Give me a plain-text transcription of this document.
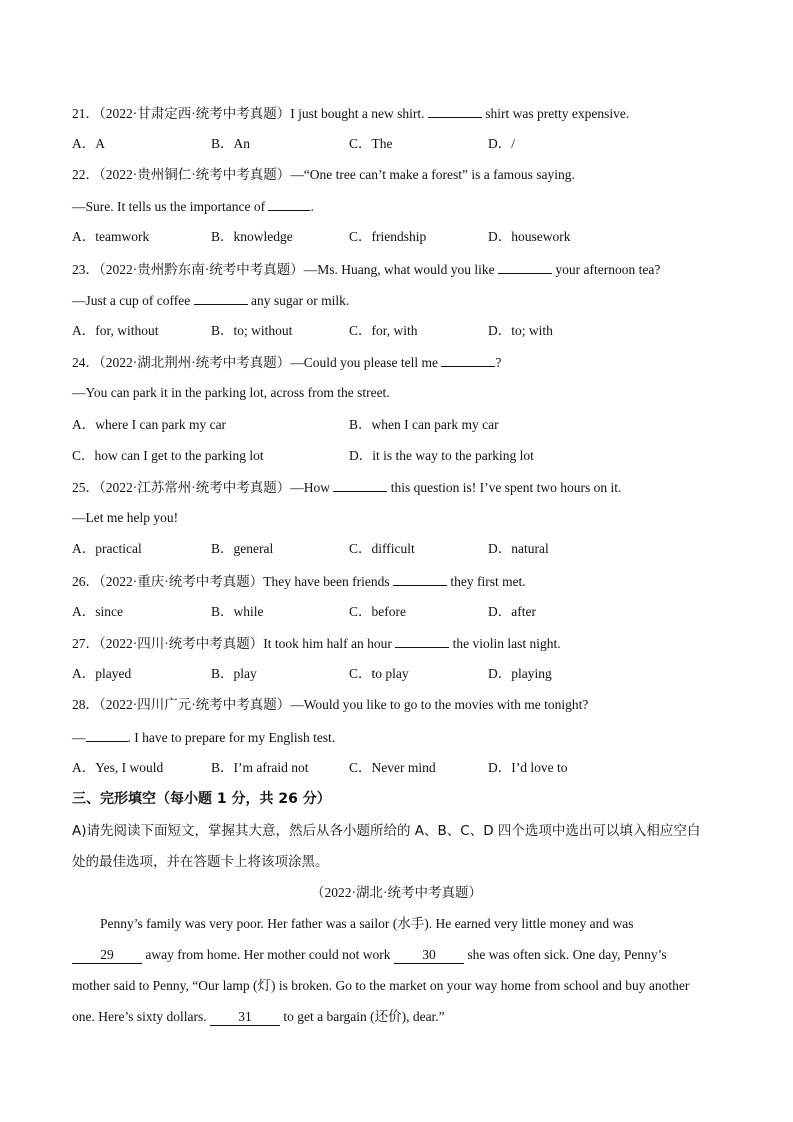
21．（2022·甘肃定西·统考中考真题）I just bought a new shirt.	shirt was pretty expensive.
A．A	B．An	C．The	D．/
22．（2022·贵州铜仁·统考中考真题）—“One tree can’t make a forest” is a famous saying.
—Sure. It tells us the importance of	.
A．teamwork	B．knowledge	C．friendship	D．housework
23．（2022·贵州黔东南·统考中考真题）—Ms. Huang, what would you like	your afternoon tea?
—Just a cup of coffee	any sugar or milk.
A．for, without	B．to; without	C．for, with	D．to; with
24．（2022·湖北荆州·统考中考真题）—Could you please tell me	?
—You can park it in the parking lot, across from the street.
A．where I can park my car	B．when I can park my car
C．how can I get to the parking lot	D．it is the way to the parking lot
25．（2022·江苏常州·统考中考真题）—How	this question is! I’ve spent two hours on it.
—Let me help you!
A．practical	B．general	C．difficult	D．natural
26．（2022·重庆·统考中考真题）They have been friends	they first met.
A．since	B．while	C．before	D．after
27．（2022·四川·统考中考真题）It took him half an hour	the violin last night.
A．played	B．play	C．to play	D．playing
28．（2022·四川广元·统考中考真题）—Would you like to go to the movies with me tonight?
—	. I have to prepare for my English test.
A．Yes, I would	B．I’m afraid not	C．Never mind	D．I’d love to
三、完形填空（每小题 1 分，共 26 分）
A)请先阅读下面短文，掌握其大意，然后从各小题所给的 A、B、C、D 四个选项中选出可以填入相应空白
处的最佳选项，并在答题卡上将该项涂黑。
（2022·湖北·统考中考真题）
Penny’s family was very poor. Her father was a sailor (水手). He earned very little money and was
29 away from home. Her mother could not work 30 she was often sick. One day, Penny’s
mother said to Penny, “Our lamp (灯) is broken. Go to the market on your way home from school and buy another
one. Here’s sixty dollars. 31 to get a bargain (还价), dear.”
